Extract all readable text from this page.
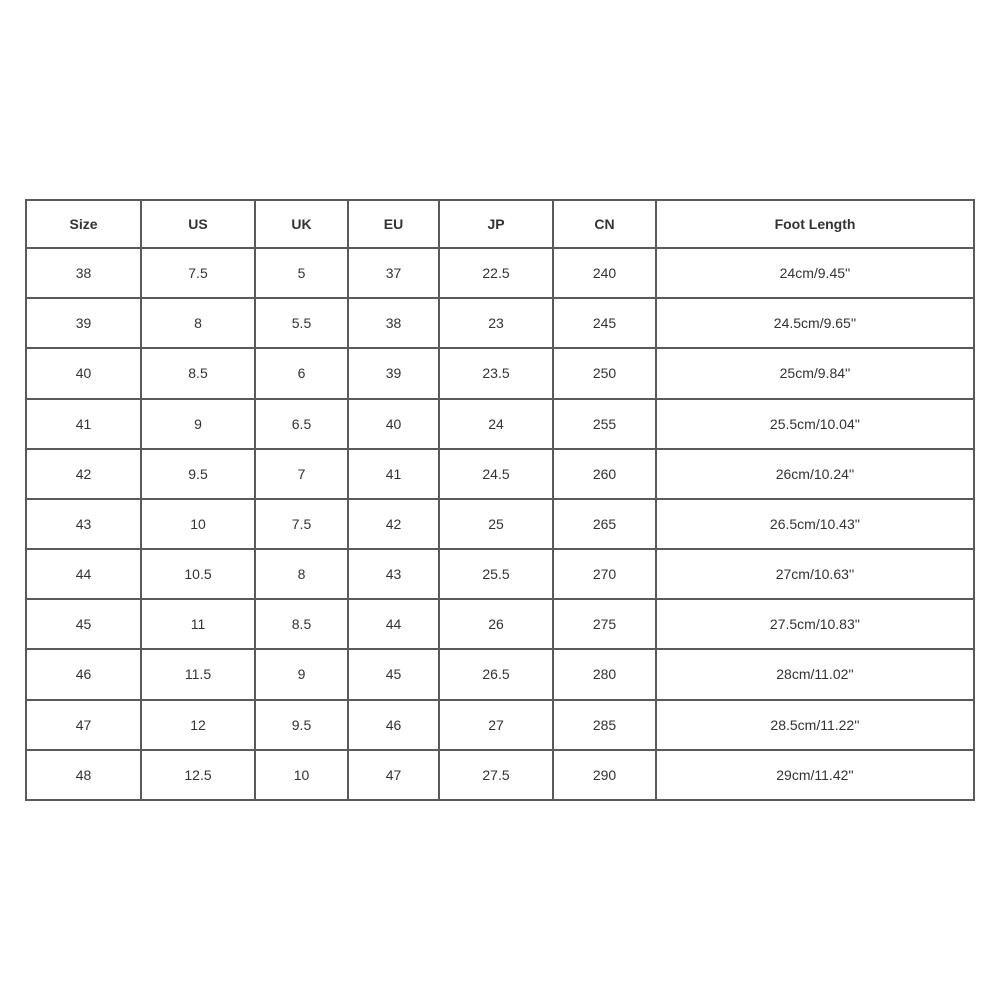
Size	US	UK	EU	JP	CN	Foot Length
38	7.5	5	37	22.5	240	24cm/9.45''
39	8	5.5	38	23	245	24.5cm/9.65''
40	8.5	6	39	23.5	250	25cm/9.84''
41	9	6.5	40	24	255	25.5cm/10.04''
42	9.5	7	41	24.5	260	26cm/10.24''
43	10	7.5	42	25	265	26.5cm/10.43''
44	10.5	8	43	25.5	270	27cm/10.63''
45	11	8.5	44	26	275	27.5cm/10.83''
46	11.5	9	45	26.5	280	28cm/11.02''
47	12	9.5	46	27	285	28.5cm/11.22''
48	12.5	10	47	27.5	290	29cm/11.42''
